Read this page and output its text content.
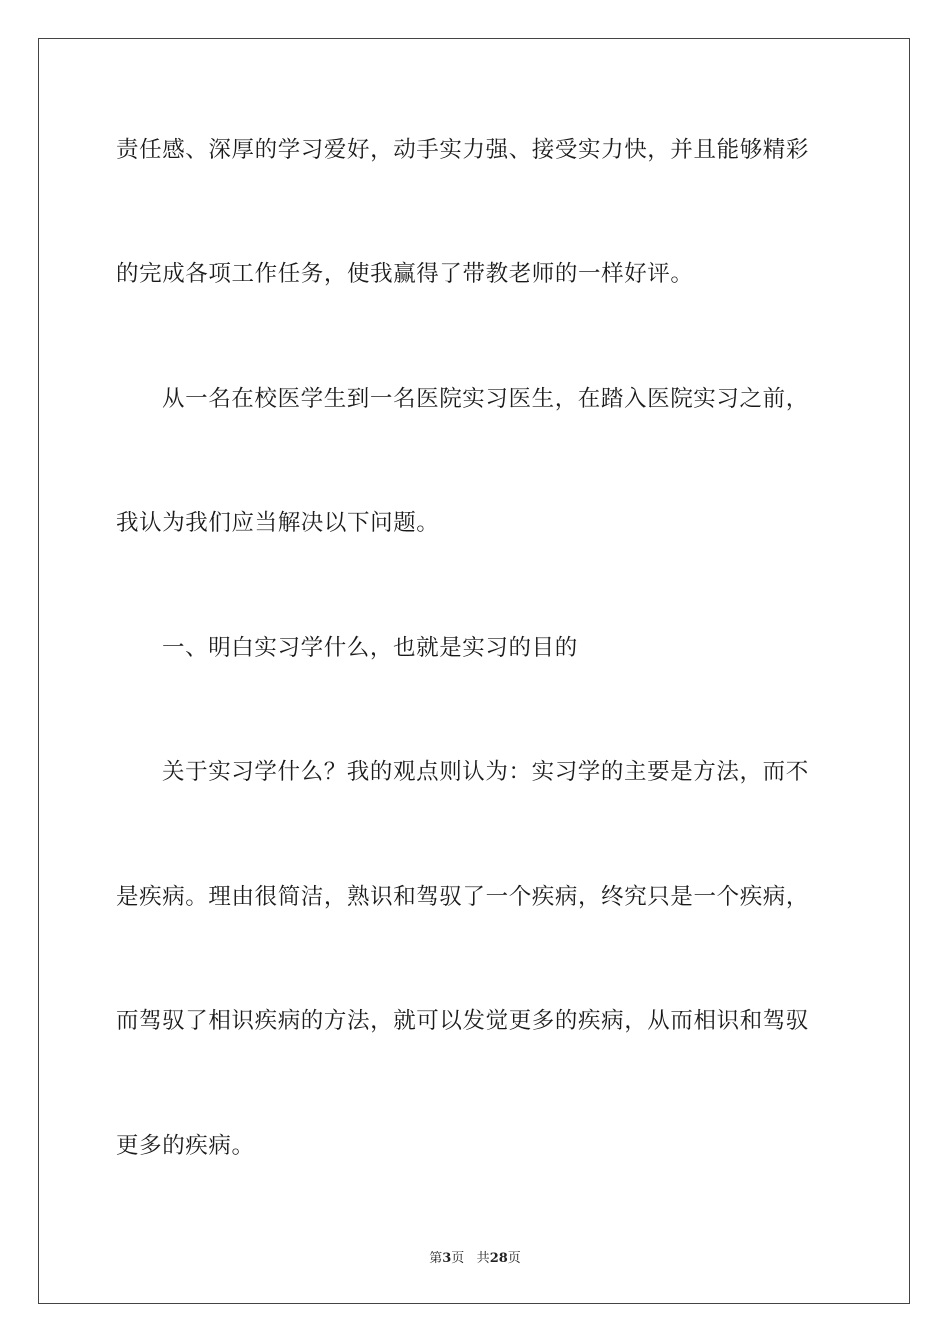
责任感、深厚的学习爱好，动手实力强、接受实力快，并且能够精彩

的完成各项工作任务，使我赢得了带教老师的一样好评。

从一名在校医学生到一名医院实习医生，在踏入医院实习之前，

我认为我们应当解决以下问题。

一、明白实习学什么，也就是实习的目的

关于实习学什么？我的观点则认为：实习学的主要是方法，而不

是疾病。理由很简洁，熟识和驾驭了一个疾病，终究只是一个疾病，

而驾驭了相识疾病的方法，就可以发觉更多的疾病，从而相识和驾驭

更多的疾病。

第3页 共28页
